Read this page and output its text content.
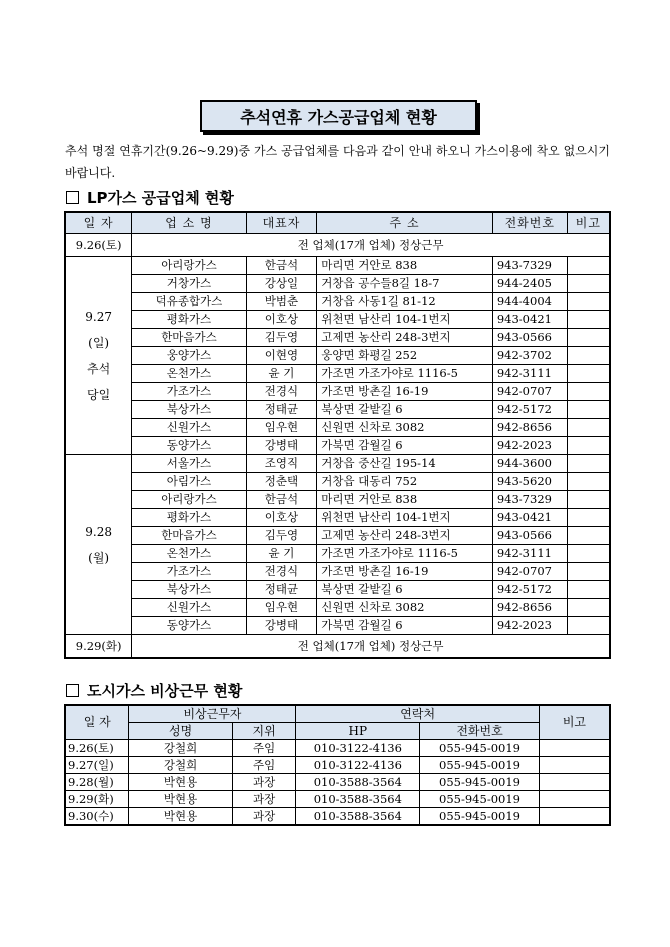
추석연휴 가스공급업체 현황
추석 명절 연휴기간(9.26~9.29)중 가스 공급업체를 다음과 같이 안내 하오니 가스이용에 착오 없으시기 바랍니다.
LP가스 공급업체 현황
일 자	업 소 명	대표자	주 소	전화번호	비고
9.26(토)	전 업체(17개 업체) 정상근무				

9.27
(일)
추석
당일	아리랑가스	한금석	마리면 거안로 838	943-7329	
	거창가스	강상일	거창읍 공수들8길 18-7	944-2405	
	덕유종합가스	박범춘	거창읍 사동1길 81-12	944-4004	
	평화가스	이호상	위천면 남산리 104-1번지	943-0421	
	한마음가스	김두영	고제면 농산리 248-3번지	943-0566	
	웅양가스	이현영	웅양면 화평길 252	942-3702	
	온천가스	윤 기	가조면 가조가야로 1116-5	942-3111	
	가조가스	전경식	가조면 방촌길 16-19	942-0707	
	북상가스	정태균	북상면 갈밭길 6	942-5172	
	신원가스	임우현	신원면 신차로 3082	942-8656	
	동양가스	강병태	가북면 감월길 6	942-2023	

9.28
(월)	서울가스	조영직	거창읍 중산길 195-14	944-3600	
	아림가스	정춘택	거창읍 대동리 752	943-5620	
	아리랑가스	한금석	마리면 거안로 838	943-7329	
	평화가스	이호상	위천면 남산리 104-1번지	943-0421	
	한마음가스	김두영	고제면 농산리 248-3번지	943-0566	
	온천가스	윤 기	가조면 가조가야로 1116-5	942-3111	
	가조가스	전경식	가조면 방촌길 16-19	942-0707	
	북상가스	정태균	북상면 갈밭길 6	942-5172	
	신원가스	임우현	신원면 신차로 3082	942-8656	
	동양가스	강병태	가북면 감월길 6	942-2023	
9.29(화)	전 업체(17개 업체) 정상근무				
도시가스 비상근무 현황
일 자	비상근무자		연락처		비고
	성명	지위	HP	전화번호	
9.26(토)	강철희	주임	010-3122-4136	055-945-0019	
9.27(일)	강철희	주임	010-3122-4136	055-945-0019	
9.28(월)	박현용	과장	010-3588-3564	055-945-0019	
9.29(화)	박현용	과장	010-3588-3564	055-945-0019	
9.30(수)	박현용	과장	010-3588-3564	055-945-0019	
